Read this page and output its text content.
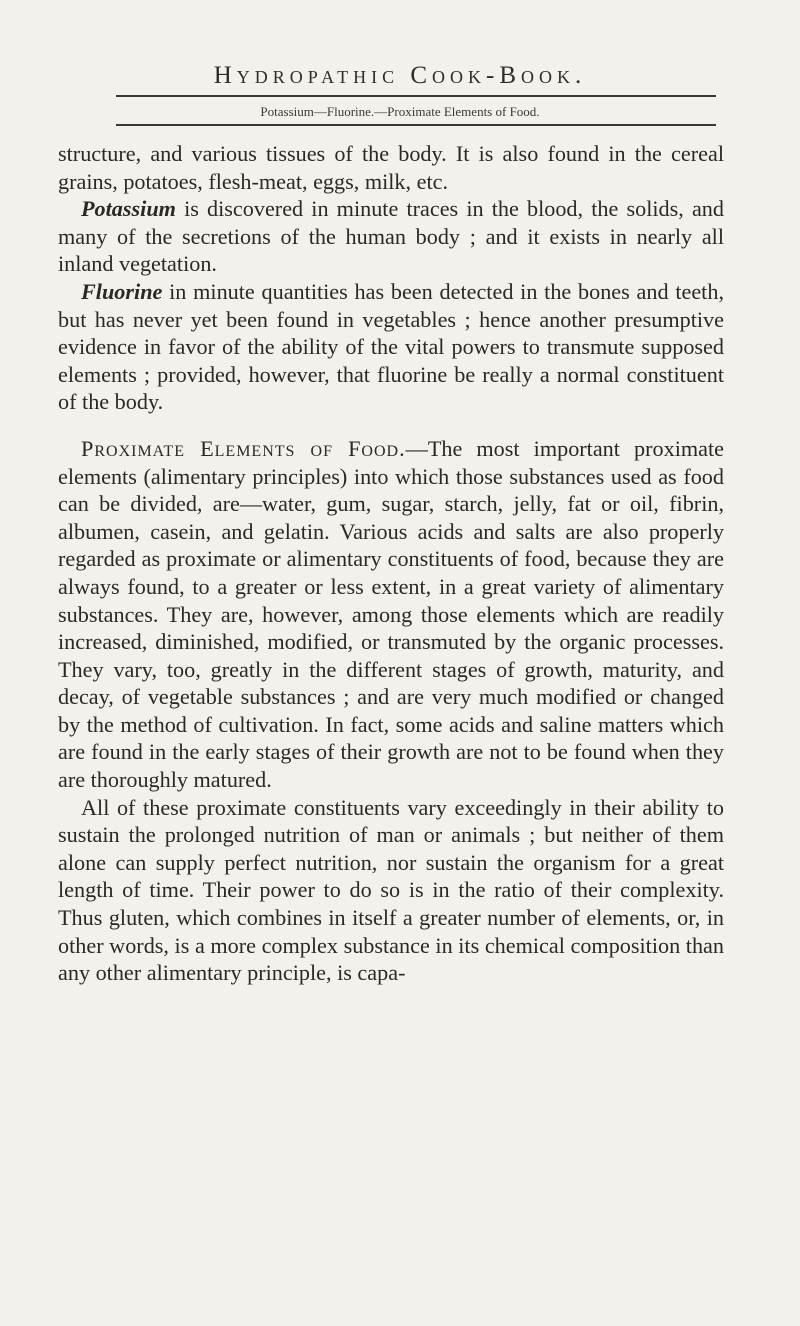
Hydropathic Cook-Book.
Potassium—Fluorine.—Proximate Elements of Food.

structure, and various tissues of the body. It is also found in the cereal grains, potatoes, flesh-meat, eggs, milk, etc.

Potassium is discovered in minute traces in the blood, the solids, and many of the secretions of the human body ; and it exists in nearly all inland vegetation.

Fluorine in minute quantities has been detected in the bones and teeth, but has never yet been found in vegetables ; hence another presumptive evidence in favor of the ability of the vital powers to transmute supposed elements ; provided, however, that fluorine be really a normal constituent of the body.

Proximate Elements of Food.—The most important proximate elements (alimentary principles) into which those substances used as food can be divided, are—water, gum, sugar, starch, jelly, fat or oil, fibrin, albumen, casein, and gelatin. Various acids and salts are also properly regarded as proximate or alimentary constituents of food, because they are always found, to a greater or less extent, in a great variety of alimentary substances. They are, however, among those elements which are readily increased, diminished, modified, or transmuted by the organic processes. They vary, too, greatly in the different stages of growth, maturity, and decay, of vegetable substances ; and are very much modified or changed by the method of cultivation. In fact, some acids and saline matters which are found in the early stages of their growth are not to be found when they are thoroughly matured.

All of these proximate constituents vary exceedingly in their ability to sustain the prolonged nutrition of man or animals ; but neither of them alone can supply perfect nutrition, nor sustain the organism for a great length of time. Their power to do so is in the ratio of their complexity. Thus gluten, which combines in itself a greater number of elements, or, in other words, is a more complex substance in its chemical composition than any other alimentary principle, is capa-
